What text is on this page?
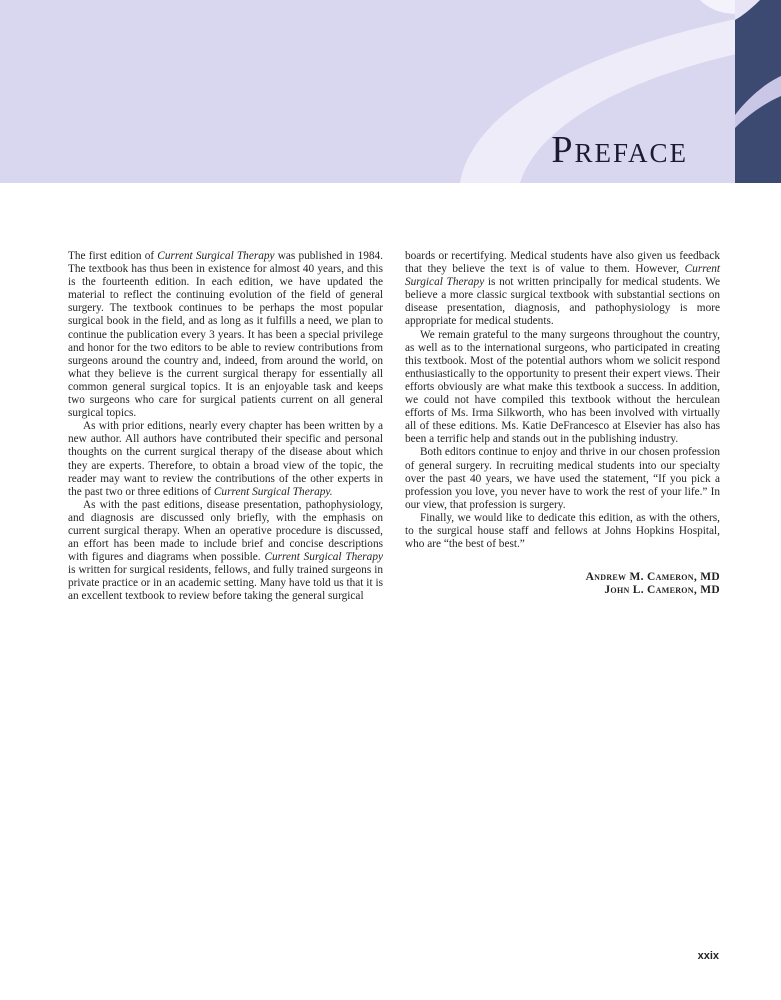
Preface

The first edition of Current Surgical Therapy was published in 1984. The textbook has thus been in existence for almost 40 years, and this is the fourteenth edition. In each edition, we have updated the material to reflect the continuing evolution of the field of general surgery. The textbook continues to be perhaps the most popular surgical book in the field, and as long as it fulfills a need, we plan to continue the publication every 3 years. It has been a special privilege and honor for the two editors to be able to review contributions from surgeons around the country and, indeed, from around the world, on what they believe is the current surgical therapy for essentially all common general surgical topics. It is an enjoyable task and keeps two surgeons who care for surgical patients current on all general surgical topics.

As with prior editions, nearly every chapter has been written by a new author. All authors have contributed their specific and personal thoughts on the current surgical therapy of the disease about which they are experts. Therefore, to obtain a broad view of the topic, the reader may want to review the contributions of the other experts in the past two or three editions of Current Surgical Therapy.

As with the past editions, disease presentation, pathophysiology, and diagnosis are discussed only briefly, with the emphasis on current surgical therapy. When an operative procedure is discussed, an effort has been made to include brief and concise descriptions with figures and diagrams when possible. Current Surgical Therapy is written for surgical residents, fellows, and fully trained surgeons in private practice or in an academic setting. Many have told us that it is an excellent textbook to review before taking the general surgical

boards or recertifying. Medical students have also given us feedback that they believe the text is of value to them. However, Current Surgical Therapy is not written principally for medical students. We believe a more classic surgical textbook with substantial sections on disease presentation, diagnosis, and pathophysiology is more appropriate for medical students.

We remain grateful to the many surgeons throughout the country, as well as to the international surgeons, who participated in creating this textbook. Most of the potential authors whom we solicit respond enthusiastically to the opportunity to present their expert views. Their efforts obviously are what make this textbook a success. In addition, we could not have compiled this textbook without the herculean efforts of Ms. Irma Silkworth, who has been involved with virtually all of these editions. Ms. Katie DeFrancesco at Elsevier has also has been a terrific help and stands out in the publishing industry.

Both editors continue to enjoy and thrive in our chosen profession of general surgery. In recruiting medical students into our specialty over the past 40 years, we have used the statement, “If you pick a profession you love, you never have to work the rest of your life.” In our view, that profession is surgery.

Finally, we would like to dedicate this edition, as with the others, to the surgical house staff and fellows at Johns Hopkins Hospital, who are “the best of best.”

Andrew M. Cameron, MD
John L. Cameron, MD
xxix
